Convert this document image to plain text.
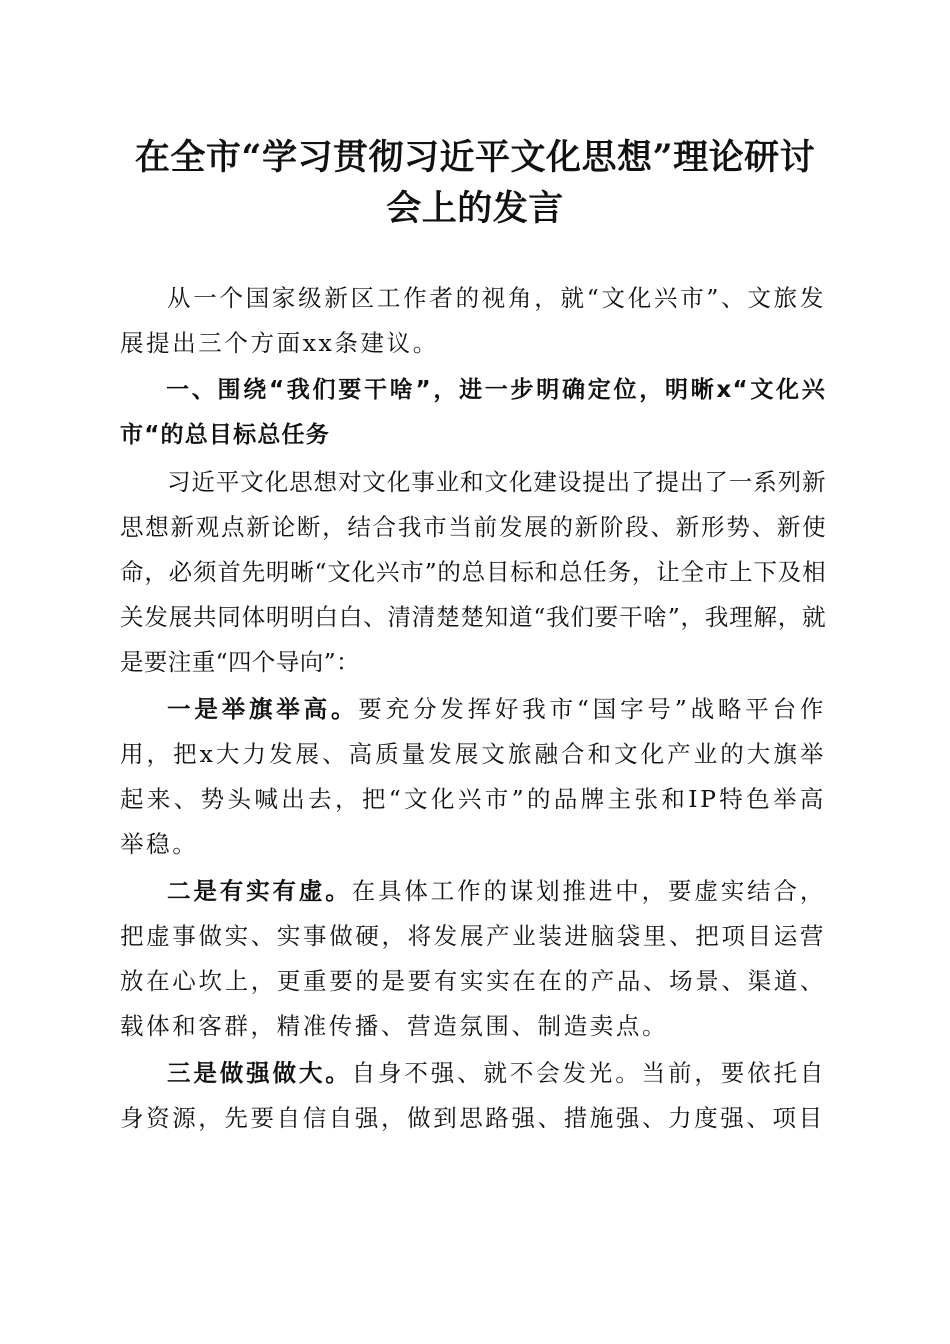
在全市“学习贯彻习近平文化思想”理论研讨
会上的发言

从一个国家级新区工作者的视角，就“文化兴市”、文旅发展提出三个方面xx条建议。

一、围绕“我们要干啥”，进一步明确定位，明晰x“文化兴市“的总目标总任务

习近平文化思想对文化事业和文化建设提出了提出了一系列新思想新观点新论断，结合我市当前发展的新阶段、新形势、新使命，必须首先明晰“文化兴市”的总目标和总任务，让全市上下及相关发展共同体明明白白、清清楚楚知道“我们要干啥”，我理解，就是要注重“四个导向”：

一是举旗举高。要充分发挥好我市“国字号”战略平台作用，把x大力发展、高质量发展文旅融合和文化产业的大旗举起来、势头喊出去，把“文化兴市”的品牌主张和IP特色举高举稳。

二是有实有虚。在具体工作的谋划推进中，要虚实结合，把虚事做实、实事做硬，将发展产业装进脑袋里、把项目运营放在心坎上，更重要的是要有实实在在的产品、场景、渠道、载体和客群，精准传播、营造氛围、制造卖点。

三是做强做大。自身不强、就不会发光。当前，要依托自身资源，先要自信自强，做到思路强、措施强、力度强、项目
